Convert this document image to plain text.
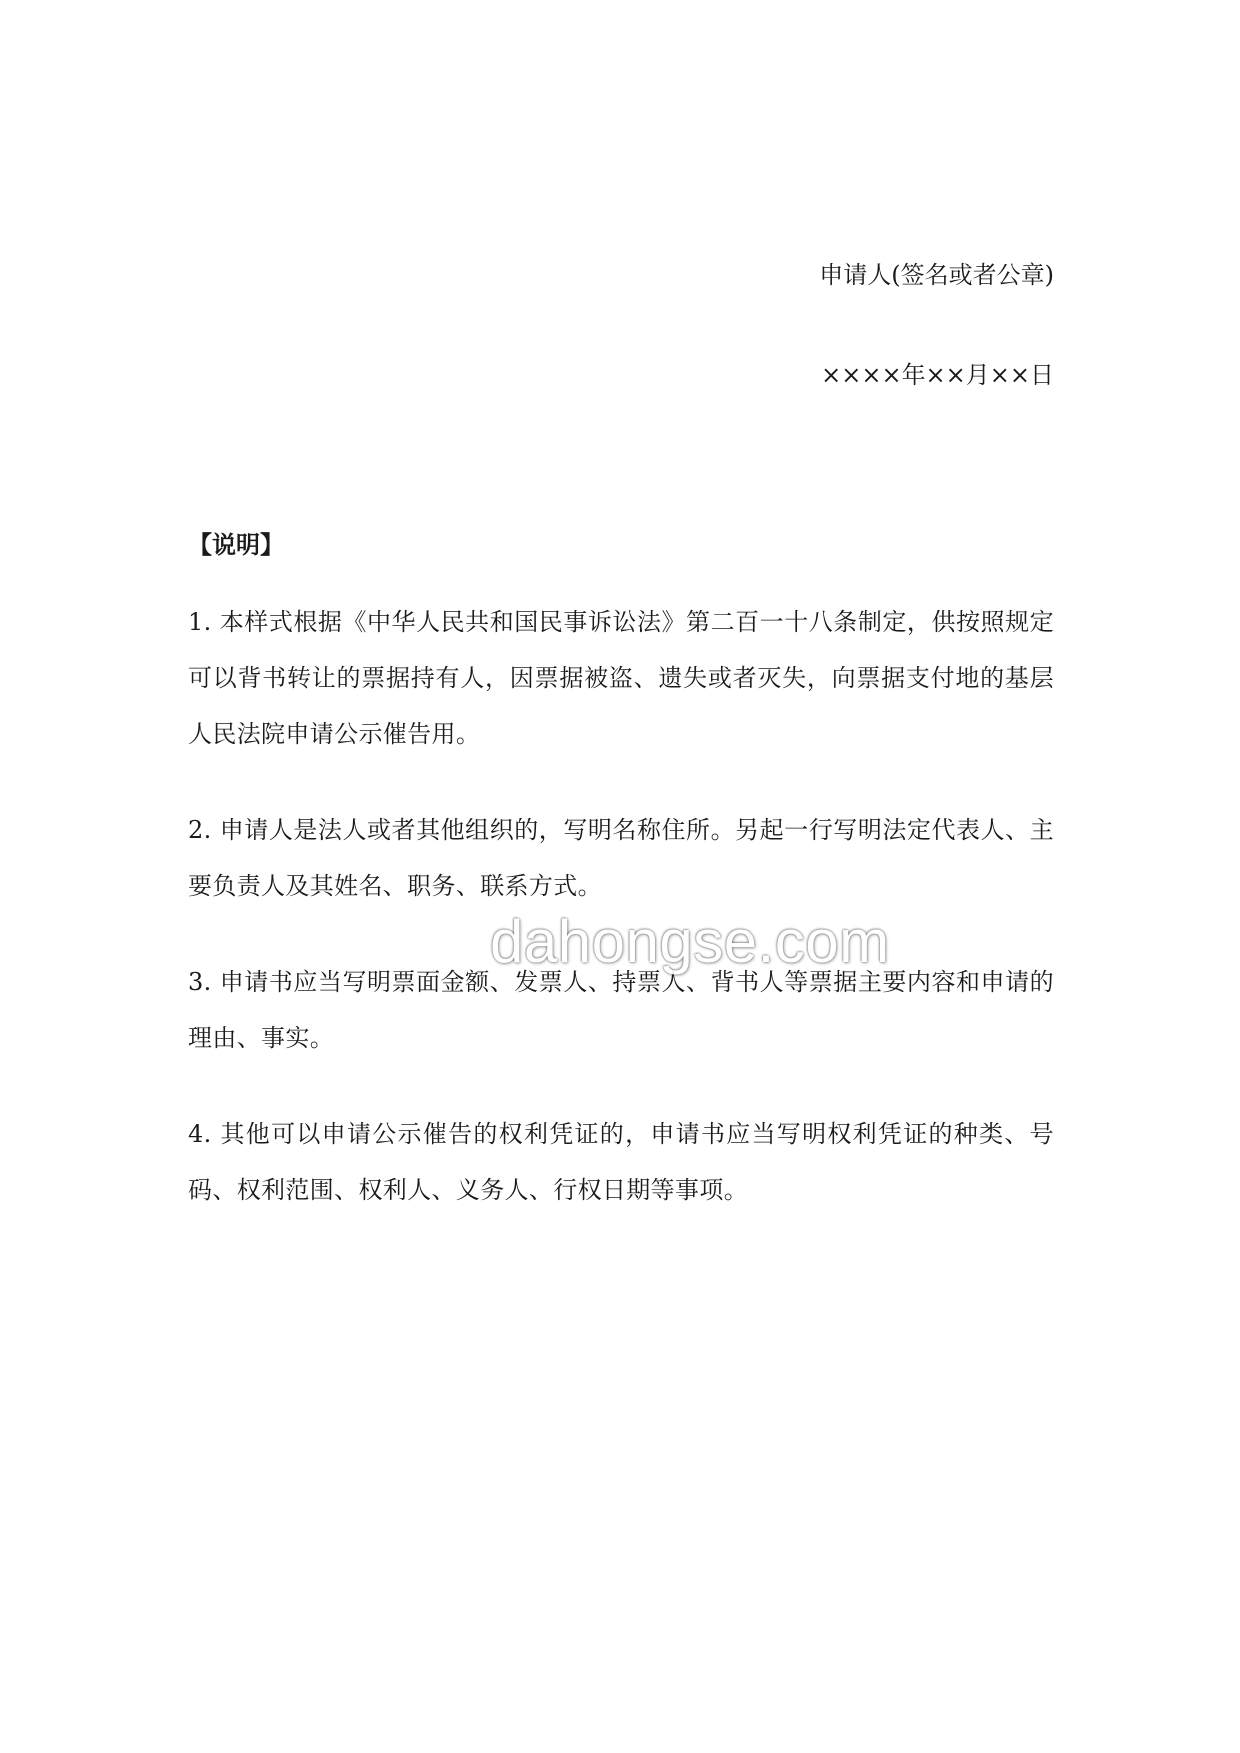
申请人(签名或者公章)
××××年××月××日
【说明】

1. 本样式根据《中华人民共和国民事诉讼法》第二百一十八条制定，供按照规定可以背书转让的票据持有人，因票据被盗、遗失或者灭失，向票据支付地的基层人民法院申请公示催告用。

2. 申请人是法人或者其他组织的，写明名称住所。另起一行写明法定代表人、主要负责人及其姓名、职务、联系方式。

3. 申请书应当写明票面金额、发票人、持票人、背书人等票据主要内容和申请的理由、事实。

4. 其他可以申请公示催告的权利凭证的，申请书应当写明权利凭证的种类、号码、权利范围、权利人、义务人、行权日期等事项。

dahongse.com
